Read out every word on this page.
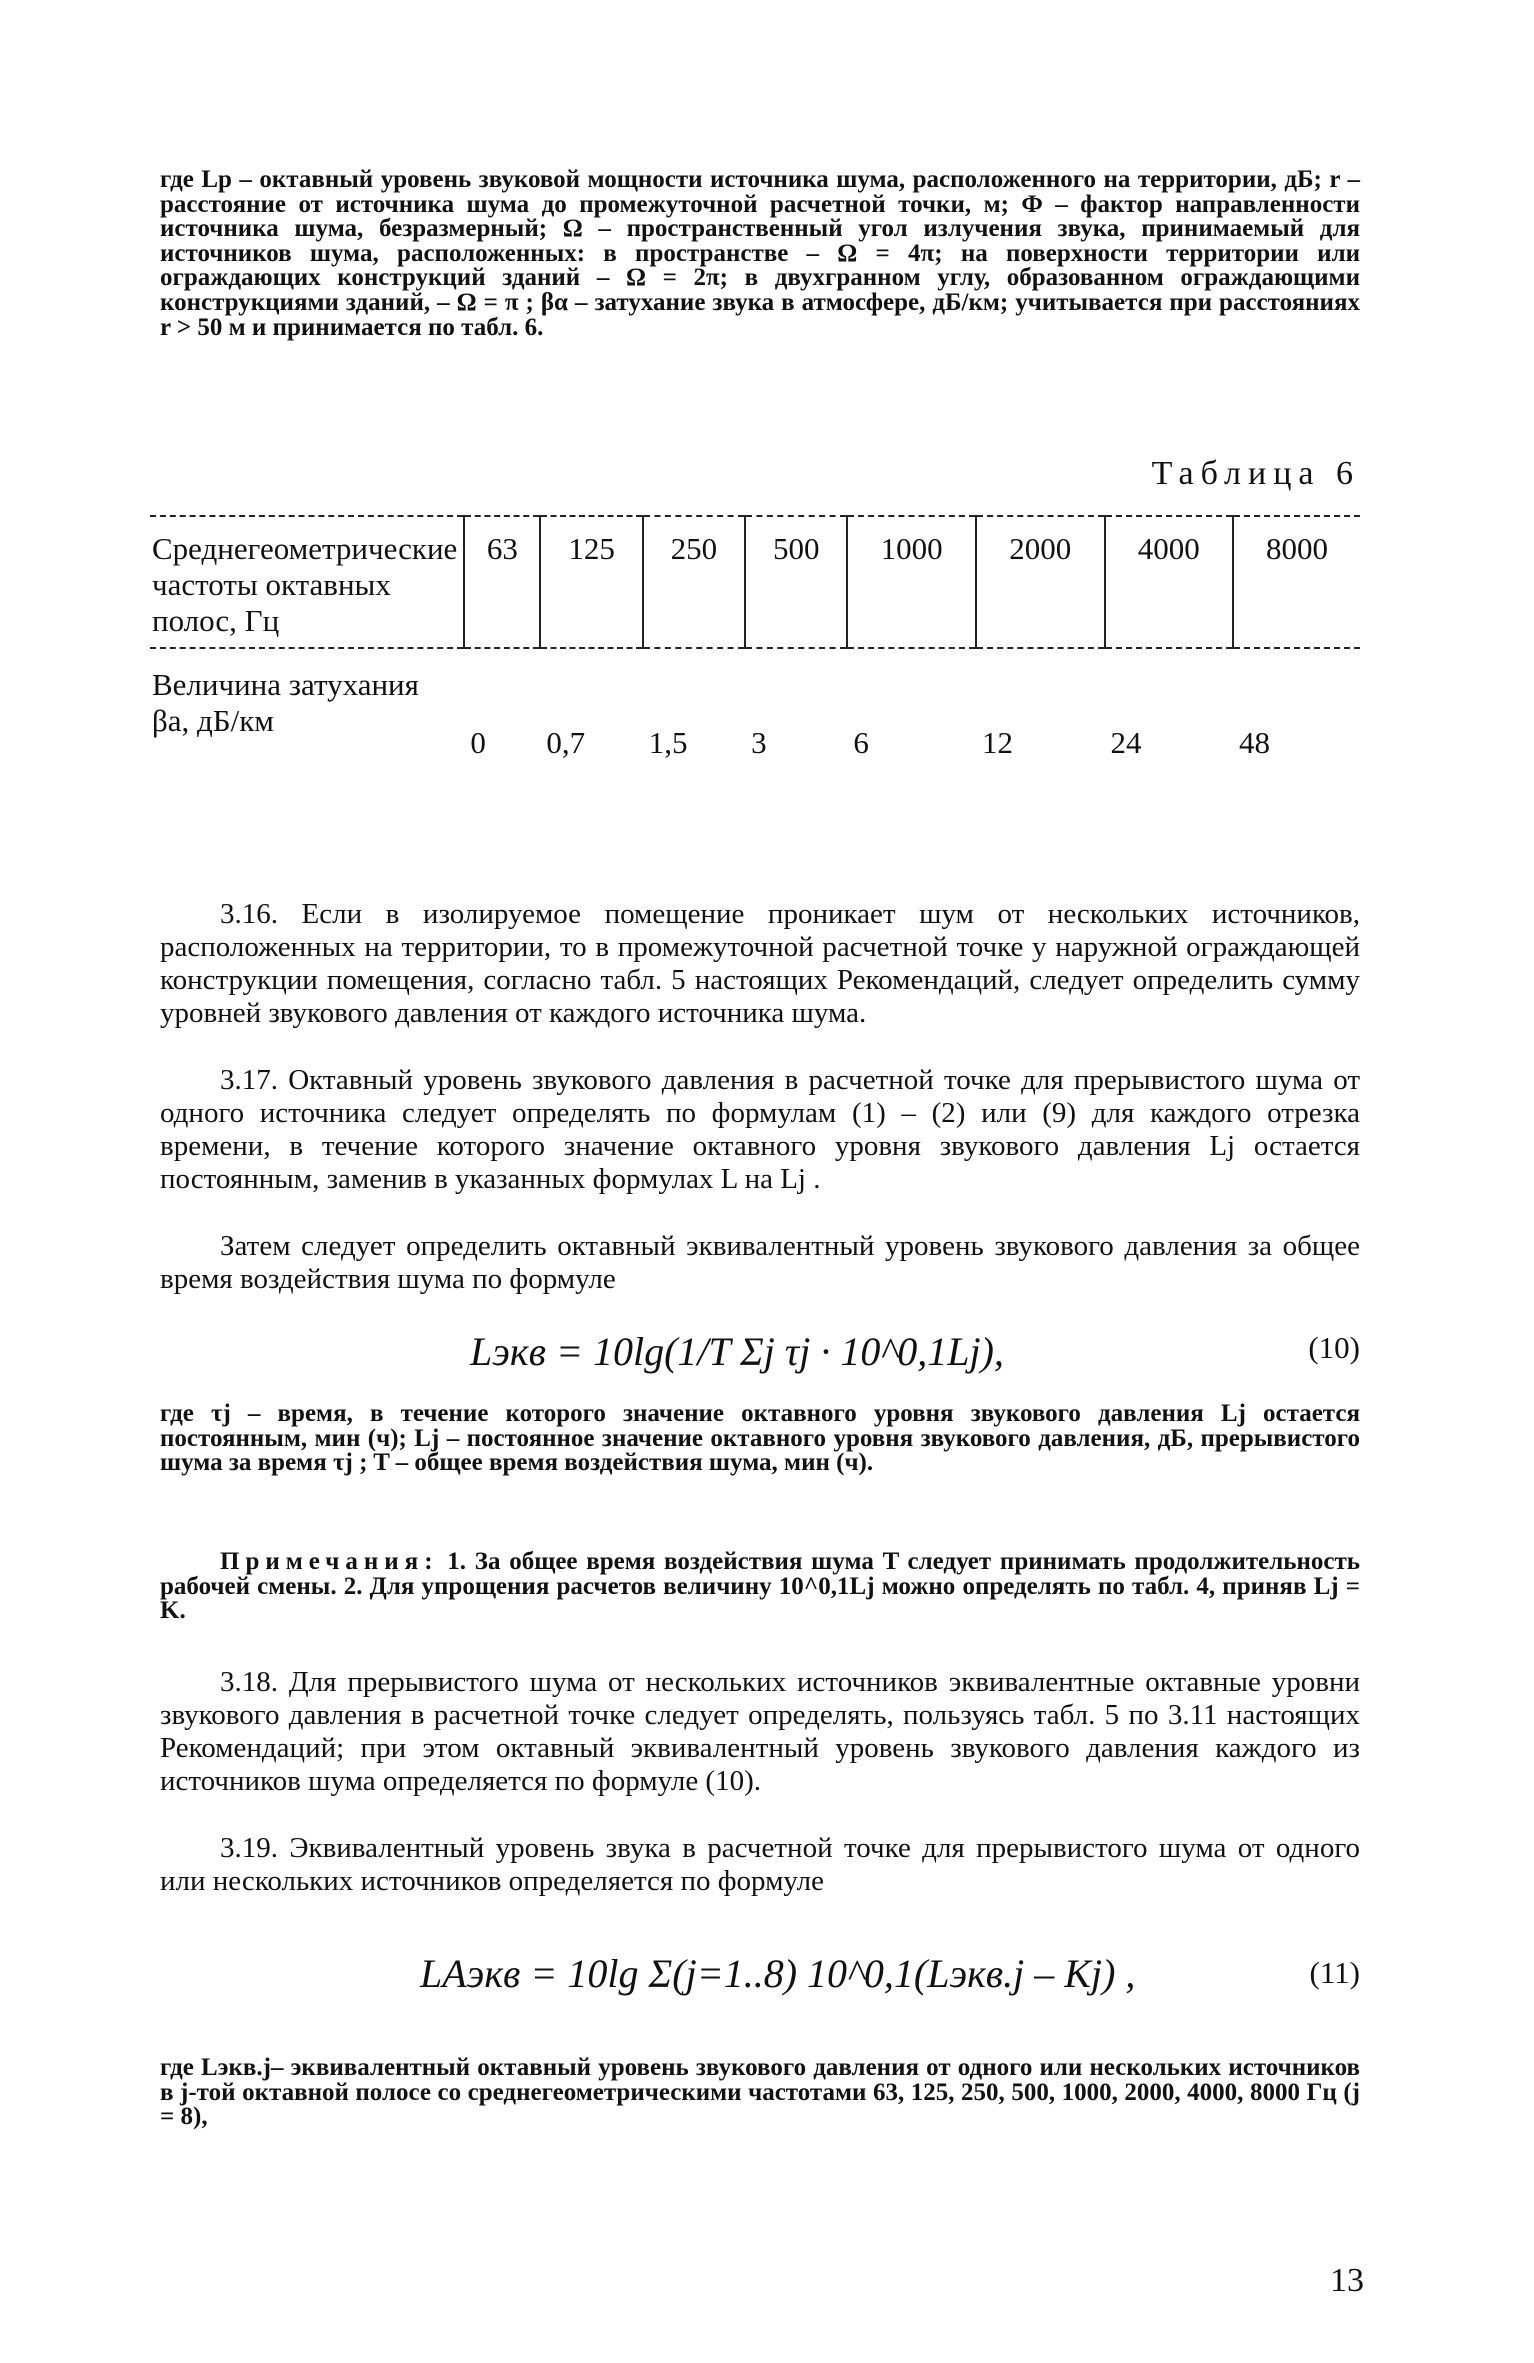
где Lp – октавный уровень звуковой мощности источника шума, расположенного на территории, дБ; r – расстояние от источника шума до промежуточной расчетной точки, м; Ф – фактор направленности источника шума, безразмерный; Ω – пространственный угол излучения звука, принимаемый для источников шума, расположенных: в пространстве – Ω = 4π; на поверхности территории или ограждающих конструкций зданий – Ω = 2π; в двухгранном углу, образованном ограждающими конструкциями зданий, – Ω = π ; βα – затухание звука в атмосфере, дБ/км; учитывается при расстояниях r > 50 м и принимается по табл. 6.

Таблица 6
Среднегеометрические частоты октавных полос, Гц	63	125	250	500	1000	2000	4000	8000
Величина затухания βa, дБ/км	0	0,7	1,5	3	6	12	24	48

3.16. Если в изолируемое помещение проникает шум от нескольких источников, расположенных на территории, то в промежуточной расчетной точке у наружной ограждающей конструкции помещения, согласно табл. 5 настоящих Рекомендаций, следует определить сумму уровней звукового давления от каждого источника шума.

3.17. Октавный уровень звукового давления в расчетной точке для прерывистого шума от одного источника следует определять по формулам (1) – (2) или (9) для каждого отрезка времени, в течение которого значение октавного уровня звукового давления Lj остается постоянным, заменив в указанных формулах L на Lj .

Затем следует определить октавный эквивалентный уровень звукового давления за общее время воздействия шума по формуле

Lэкв = 10lg(1/T Σj τj · 10^0,1Lj),	(10)

где τj – время, в течение которого значение октавного уровня звукового давления Lj остается постоянным, мин (ч); Lj – постоянное значение октавного уровня звукового давления, дБ, прерывистого шума за время τj ; T – общее время воздействия шума, мин (ч).

Примечания: 1. За общее время воздействия шума T следует принимать продолжительность рабочей смены. 2. Для упрощения расчетов величину 10^0,1Lj можно определять по табл. 4, приняв Lj = K.

3.18. Для прерывистого шума от нескольких источников эквивалентные октавные уровни звукового давления в расчетной точке следует определять, пользуясь табл. 5 по 3.11 настоящих Рекомендаций; при этом октавный эквивалентный уровень звукового давления каждого из источников шума определяется по формуле (10).

3.19. Эквивалентный уровень звука в расчетной точке для прерывистого шума от одного или нескольких источников определяется по формуле

LAэкв = 10lg Σ(j=1..8) 10^0,1(Lэкв.j – Kj) ,	(11)

где Lэкв.j– эквивалентный октавный уровень звукового давления от одного или нескольких источников в j-той октавной полосе со среднегеометрическими частотами 63, 125, 250, 500, 1000, 2000, 4000, 8000 Гц (j = 8),

13
